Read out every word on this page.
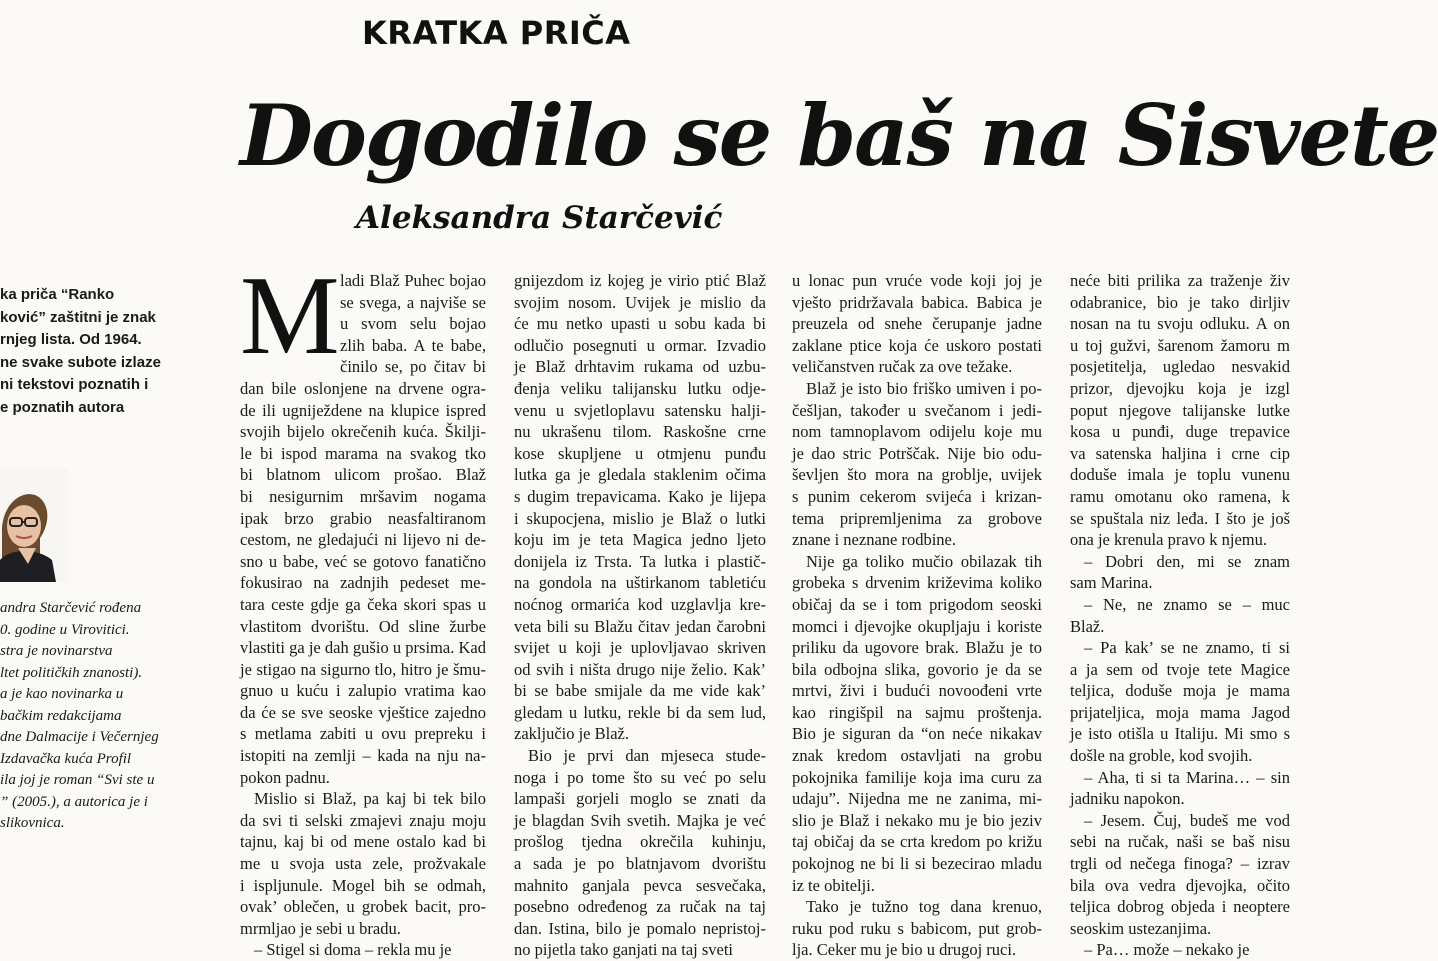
KRATKA PRIČA
Dogodilo se baš na Sisvete

Aleksandra Starčević

ka priča “Ranko
ković” zaštitni je znak
rnjeg lista. Od 1964.
ne svake subote izlaze
ni tekstovi poznatih i
e poznatih autora
andra Starčević rođena
0. godine u Virovitici.
stra je novinarstva
ltet političkih znanosti).
a je kao novinarka u
bačkim redakcijama
dne Dalmacije i Večernjeg
Izdavačka kuća Profil
ila joj je roman “Svi ste u
” (2005.), a autorica je i
slikovnica.
M ladi Blaž Puhec bojao
se svega, a najviše se
u svom selu bojao
zlih baba. A te babe,
činilo se, po čitav bi
dan bile oslonjene na drvene ogra-
de ili ugniježdene na klupice ispred
svojih bijelo okrečenih kuća. Škilji-
le bi ispod marama na svakog tko
bi blatnom ulicom prošao. Blaž
bi nesigurnim mršavim nogama
ipak brzo grabio neasfaltiranom
cestom, ne gledajući ni lijevo ni de-
sno u babe, već se gotovo fanatično
fokusirao na zadnjih pedeset me-
tara ceste gdje ga čeka skori spas u
vlastitom dvorištu. Od sline žurbe
vlastiti ga je dah gušio u prsima. Kad
je stigao na sigurno tlo, hitro je šmu-
gnuo u kuću i zalupio vratima kao
da će se sve seoske vještice zajedno
s metlama zabiti u ovu prepreku i
istopiti na zemlji – kada na nju na-
pokon padnu.
Mislio si Blaž, pa kaj bi tek bilo
da svi ti selski zmajevi znaju moju
tajnu, kaj bi od mene ostalo kad bi
me u svoja usta zele, prožvakale
i ispljunule. Mogel bih se odmah,
ovak’ oblečen, u grobek bacit, pro-
mrmljao je sebi u bradu.
– Stigel si doma – rekla mu je
gnijezdom iz kojeg je virio ptić Blaž
svojim nosom. Uvijek je mislio da
će mu netko upasti u sobu kada bi
odlučio posegnuti u ormar. Izvadio
je Blaž drhtavim rukama od uzbu-
đenja veliku talijansku lutku odje-
venu u svjetloplavu satensku halji-
nu ukrašenu tilom. Raskošne crne
kose skupljene u otmjenu punđu
lutka ga je gledala staklenim očima
s dugim trepavicama. Kako je lijepa
i skupocjena, mislio je Blaž o lutki
koju im je teta Magica jedno ljeto
donijela iz Trsta. Ta lutka i plastič-
na gondola na uštirkanom tabletiću
noćnog ormarića kod uzglavlja kre-
veta bili su Blažu čitav jedan čarobni
svijet u koji je uplovljavao skriven
od svih i ništa drugo nije želio. Kak’
bi se babe smijale da me vide kak’
gledam u lutku, rekle bi da sem lud,
zaključio je Blaž.
Bio je prvi dan mjeseca stude-
noga i po tome što su već po selu
lampaši gorjeli moglo se znati da
je blagdan Svih svetih. Majka je već
prošlog tjedna okrečila kuhinju,
a sada je po blatnjavom dvorištu
mahnito ganjala pevca sesvečaka,
posebno određenog za ručak na taj
dan. Istina, bilo je pomalo nepristoj-
no pijetla tako ganjati na taj sveti
u lonac pun vruće vode koji joj je
vješto pridržavala babica. Babica je
preuzela od snehe čerupanje jadne
zaklane ptice koja će uskoro postati
veličanstven ručak za ove težake.
Blaž je isto bio friško umiven i po-
češljan, također u svečanom i jedi-
nom tamnoplavom odijelu koje mu
je dao stric Potrščak. Nije bio odu-
ševljen što mora na groblje, uvijek
s punim cekerom svijeća i krizan-
tema pripremljenima za grobove
znane i neznane rodbine.
Nije ga toliko mučio obilazak tih
grobeka s drvenim križevima koliko
običaj da se i tom prigodom seoski
momci i djevojke okupljaju i koriste
priliku da ugovore brak. Blažu je to
bila odbojna slika, govorio je da se
mrtvi, živi i budući novoođeni vrte
kao ringišpil na sajmu proštenja.
Bio je siguran da “on neće nikakav
znak kredom ostavljati na grobu
pokojnika familije koja ima curu za
udaju”. Nijedna me ne zanima, mi-
slio je Blaž i nekako mu je bio jeziv
taj običaj da se crta kredom po križu
pokojnog ne bi li si bezecirao mladu
iz te obitelji.
Tako je tužno tog dana krenuo,
ruku pod ruku s babicom, put grob-
lja. Ceker mu je bio u drugoj ruci.
neće biti prilika za traženje živ
odabranice, bio je tako dirljiv
nosan na tu svoju odluku. A on
u toj gužvi, šarenom žamoru m
posjetitelja, ugledao nesvakid
prizor, djevojku koja je izgl
poput njegove talijanske lutke
kosa u punđi, duge trepavice
va satenska haljina i crne cip
doduše imala je toplu vunenu
ramu omotanu oko ramena, k
se spuštala niz leđa. I što je još
ona je krenula pravo k njemu.
– Dobri den, mi se znam
sam Marina.
– Ne, ne znamo se – muc
Blaž.
– Pa kak’ se ne znamo, ti si
a ja sem od tvoje tete Magice
teljica, doduše moja je mama
prijateljica, moja mama Jagod
je isto otišla u Italiju. Mi smo s
došle na groble, kod svojih.
– Aha, ti si ta Marina… – sin
jadniku napokon.
– Jesem. Čuj, budeš me vod
sebi na ručak, naši se baš nisu
trgli od nečega finoga? – izrav
bila ova vedra djevojka, očito
teljica dobrog objeda i neoptere
seoskim ustezanjima.
– Pa… može – nekako je
